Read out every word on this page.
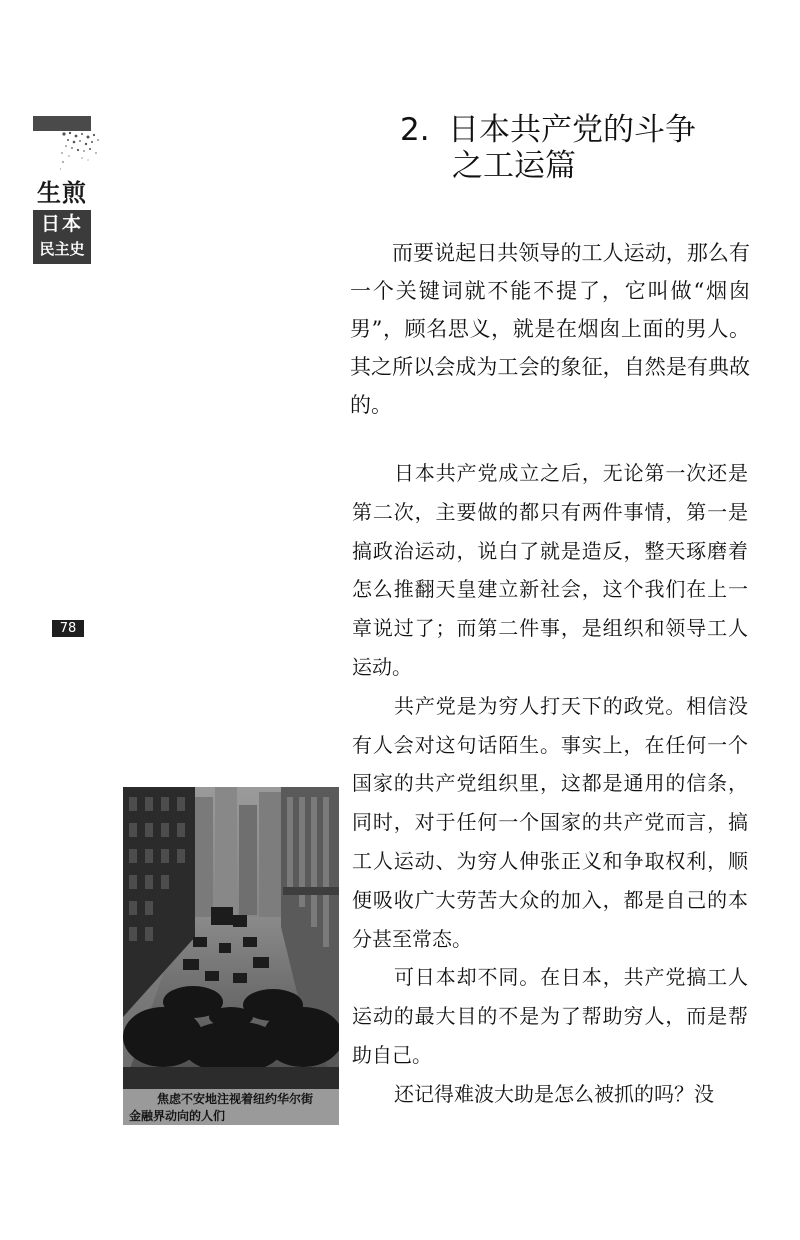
生煎
日本
民主史
78
2. 日本共产党的斗争
之工运篇

而要说起日共领导的工人运动，那么有一个关键词就不能不提了，它叫做“烟囱男”，顾名思义，就是在烟囱上面的男人。其之所以会成为工会的象征，自然是有典故的。

日本共产党成立之后，无论第一次还是第二次，主要做的都只有两件事情，第一是搞政治运动，说白了就是造反，整天琢磨着怎么推翻天皇建立新社会，这个我们在上一章说过了；而第二件事，是组织和领导工人运动。

共产党是为穷人打天下的政党。相信没有人会对这句话陌生。事实上，在任何一个国家的共产党组织里，这都是通用的信条，同时，对于任何一个国家的共产党而言，搞工人运动、为穷人伸张正义和争取权利，顺便吸收广大劳苦大众的加入，都是自己的本分甚至常态。

可日本却不同。在日本，共产党搞工人运动的最大目的不是为了帮助穷人，而是帮助自己。

还记得难波大助是怎么被抓的吗？没

焦虑不安地注视着纽约华尔街
金融界动向的人们
